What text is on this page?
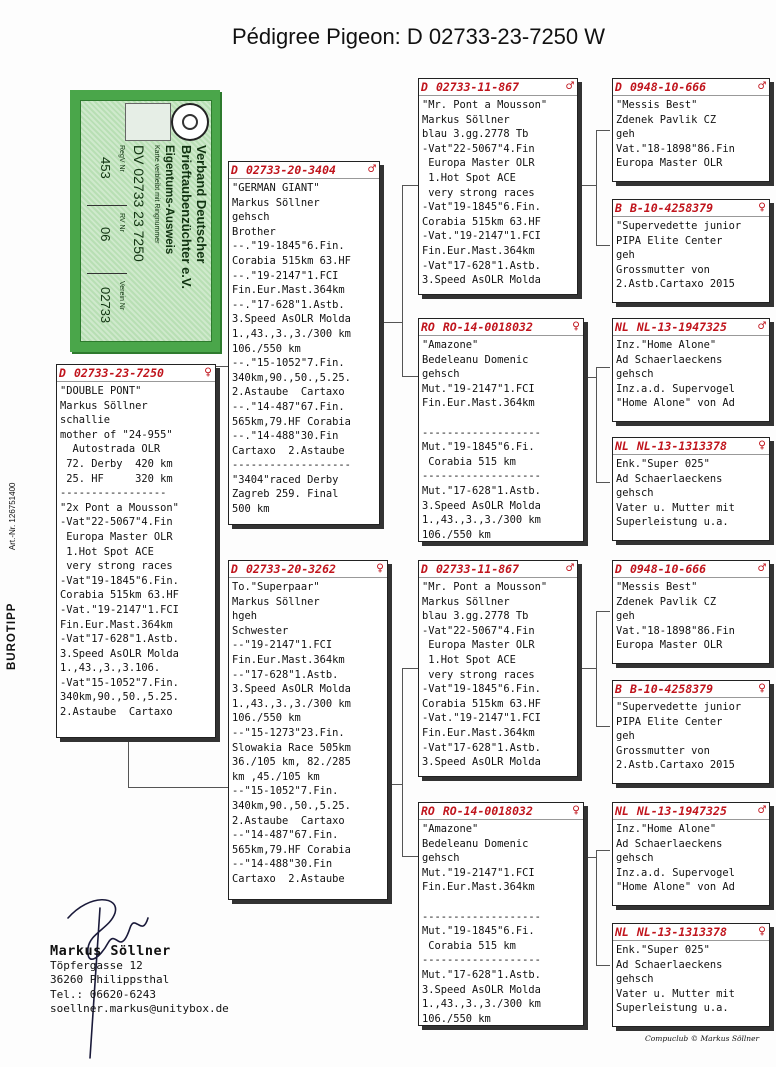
Pédigree Pigeon: D 02733-23-7250 W
Verband Deutscher
Brieftaubenzüchter e.V.
Eigentums-Ausweis
Karte verbleibt mit Ringnummer
DV 02733 23 7250
RegV Nr
RV Nr
Verein Nr
453
06
02733
BUROTIPP Art.-Nr. 126751400
D 02733-23-7250	♀
"DOUBLE PONT"
Markus Söllner
schallie
mother of "24-955"
Autostrada OLR
72. Derby  420 km
25. HF     320 km
-----------------
"2x Pont a Mousson"
-Vat"22-5067"4.Fin
Europa Master OLR
1.Hot Spot ACE
very strong races
-Vat"19-1845"6.Fin.
Corabia 515km 63.HF
-Vat."19-2147"1.FCI
Fin.Eur.Mast.364km
-Vat"17-628"1.Astb.
3.Speed AsOLR Molda
1.,43.,3.,3.106.
-Vat"15-1052"7.Fin.
340km,90.,50.,5.25.
2.Astaube  Cartaxo
D 02733-20-3404	♂
"GERMAN GIANT"
Markus Söllner
gehsch
Brother
--."19-1845"6.Fin.
Corabia 515km 63.HF
--."19-2147"1.FCI
Fin.Eur.Mast.364km
--."17-628"1.Astb.
3.Speed AsOLR Molda
1.,43.,3.,3./300 km
106./550 km
--."15-1052"7.Fin.
340km,90.,50.,5.25.
2.Astaube  Cartaxo
--."14-487"67.Fin.
565km,79.HF Corabia
--."14-488"30.Fin
Cartaxo  2.Astaube
-------------------
"3404"raced Derby
Zagreb 259. Final
500 km
D 02733-20-3262	♀
To."Superpaar"
Markus Söllner
hgeh
Schwester
--"19-2147"1.FCI
Fin.Eur.Mast.364km
--"17-628"1.Astb.
3.Speed AsOLR Molda
1.,43.,3.,3./300 km
106./550 km
--"15-1273"23.Fin.
Slowakia Race 505km
36./105 km, 82./285
km ,45./105 km
--"15-1052"7.Fin.
340km,90.,50.,5.25.
2.Astaube  Cartaxo
--"14-487"67.Fin.
565km,79.HF Corabia
--"14-488"30.Fin
Cartaxo  2.Astaube
D 02733-11-867	♂
"Mr. Pont a Mousson"
Markus Söllner
blau 3.gg.2778 Tb
-Vat"22-5067"4.Fin
Europa Master OLR
1.Hot Spot ACE
very strong races
-Vat"19-1845"6.Fin.
Corabia 515km 63.HF
-Vat."19-2147"1.FCI
Fin.Eur.Mast.364km
-Vat"17-628"1.Astb.
3.Speed AsOLR Molda
RO RO-14-0018032	♀
"Amazone"
Bedeleanu Domenic
gehsch
Mut."19-2147"1.FCI
Fin.Eur.Mast.364km

-------------------
Mut."19-1845"6.Fi.
Corabia 515 km
-------------------
Mut."17-628"1.Astb.
3.Speed AsOLR Molda
1.,43.,3.,3./300 km
106./550 km
D 02733-11-867	♂
"Mr. Pont a Mousson"
Markus Söllner
blau 3.gg.2778 Tb
-Vat"22-5067"4.Fin
Europa Master OLR
1.Hot Spot ACE
very strong races
-Vat"19-1845"6.Fin.
Corabia 515km 63.HF
-Vat."19-2147"1.FCI
Fin.Eur.Mast.364km
-Vat"17-628"1.Astb.
3.Speed AsOLR Molda
RO RO-14-0018032	♀
"Amazone"
Bedeleanu Domenic
gehsch
Mut."19-2147"1.FCI
Fin.Eur.Mast.364km

-------------------
Mut."19-1845"6.Fi.
Corabia 515 km
-------------------
Mut."17-628"1.Astb.
3.Speed AsOLR Molda
1.,43.,3.,3./300 km
106./550 km
D 0948-10-666	♂
"Messis Best"
Zdenek Pavlik CZ
geh
Vat."18-1898"86.Fin
Europa Master OLR
B B-10-4258379	♀
"Supervedette junior
PIPA Elite Center
geh
Grossmutter von
2.Astb.Cartaxo 2015
NL NL-13-1947325	♂
Inz."Home Alone"
Ad Schaerlaeckens
gehsch
Inz.a.d. Supervogel
"Home Alone" von Ad
NL NL-13-1313378	♀
Enk."Super 025"
Ad Schaerlaeckens
gehsch
Vater u. Mutter mit
Superleistung u.a.
D 0948-10-666	♂
"Messis Best"
Zdenek Pavlik CZ
geh
Vat."18-1898"86.Fin
Europa Master OLR
B B-10-4258379	♀
"Supervedette junior
PIPA Elite Center
geh
Grossmutter von
2.Astb.Cartaxo 2015
NL NL-13-1947325	♂
Inz."Home Alone"
Ad Schaerlaeckens
gehsch
Inz.a.d. Supervogel
"Home Alone" von Ad
NL NL-13-1313378	♀
Enk."Super 025"
Ad Schaerlaeckens
gehsch
Vater u. Mutter mit
Superleistung u.a.
Markus Söllner
Töpfergasse 12
36260 Philippsthal
Tel.: 06620-6243
soellner.markus@unitybox.de
Compuclub © Markus Söllner
